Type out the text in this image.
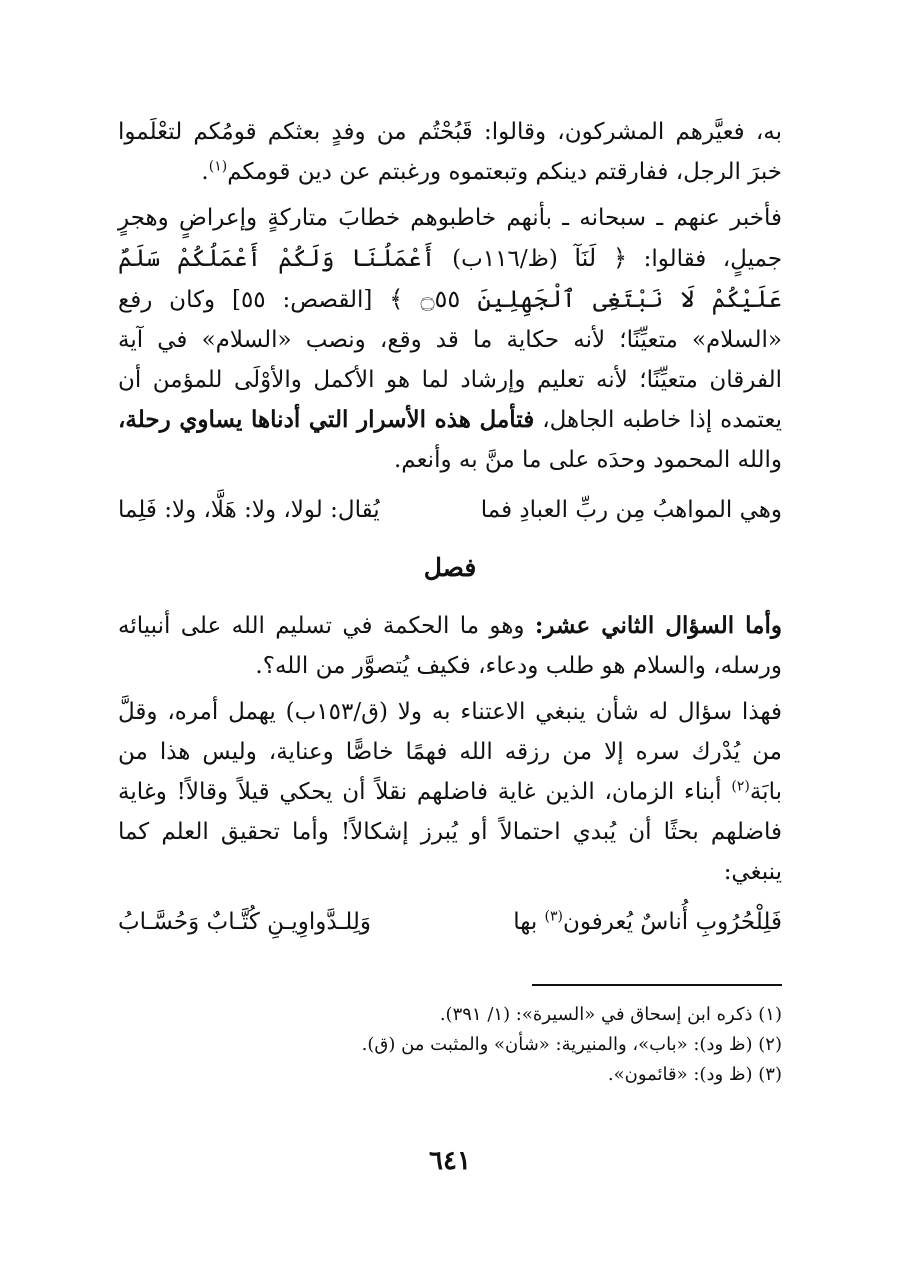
به، فعيَّرهم المشركون، وقالوا: قَبُحْتُم من وفدٍ بعثكم قومُكم لتعْلَموا خبرَ الرجل، ففارقتم دينكم وتبعتموه ورغبتم عن دين قومكم$^{(١)}$.

فأخبر عنهم ـ سبحانه ـ بأنهم خاطبوهم خطابَ متاركةٍ وإعراضٍ وهجرٍ جميلٍ، فقالوا: ﴿ لَنَآ (ظ/١١٦ب) أَعْمَلُنَا وَلَكُمْ أَعْمَلُكُمْ سَلَمٌ عَلَيْكُمْ لَا نَبْتَغِى ٱلْجَهِلِينَ ۝٥٥ ﴾ [القصص: ٥٥] وكان رفع «السلام» متعيِّنًا؛ لأنه حكاية ما قد وقع، ونصب «السلام» في آية الفرقان متعيِّنًا؛ لأنه تعليم وإرشاد لما هو الأكمل والأوْلَى للمؤمن أن يعتمده إذا خاطبه الجاهل، فتأمل هذه الأسرار التي أدناها يساوي رحلة، والله المحمود وحدَه على ما منَّ به وأنعم.

وهي المواهبُ مِن ربِّ العبادِ فما
يُقال: لولا، ولا: هَلَّا، ولا: فَلِما
فصل

وأما السؤال الثاني عشر: وهو ما الحكمة في تسليم الله على أنبيائه ورسله، والسلام هو طلب ودعاء، فكيف يُتصوَّر من الله؟.

فهذا سؤال له شأن ينبغي الاعتناء به ولا (ق/١٥٣ب) يهمل أمره، وقلَّ من يُدْرك سره إلا من رزقه الله فهمًا خاصًّا وعناية، وليس هذا من بابَة$^{(٢)}$ أبناء الزمان، الذين غاية فاضلهم نقلاً أن يحكي قيلاً وقالاً! وغاية فاضلهم بحثًا أن يُبدي احتمالاً أو يُبرز إشكالاً! وأما تحقيق العلم كما ينبغي:

فَلِلْحُرُوبِ أُناسٌ يُعرفون$^{(٣)}$ بها
وَلِلـدَّواوِيـنِ كُتَّـابٌ وَحُسَّـابُ

(١) ذكره ابن إسحاق في «السيرة»: (١/ ٣٩١).

(٢) (ظ ود): «باب»، والمنيرية: «شأن» والمثبت من (ق).

(٣) (ظ ود): «قائمون».

٦٤١
